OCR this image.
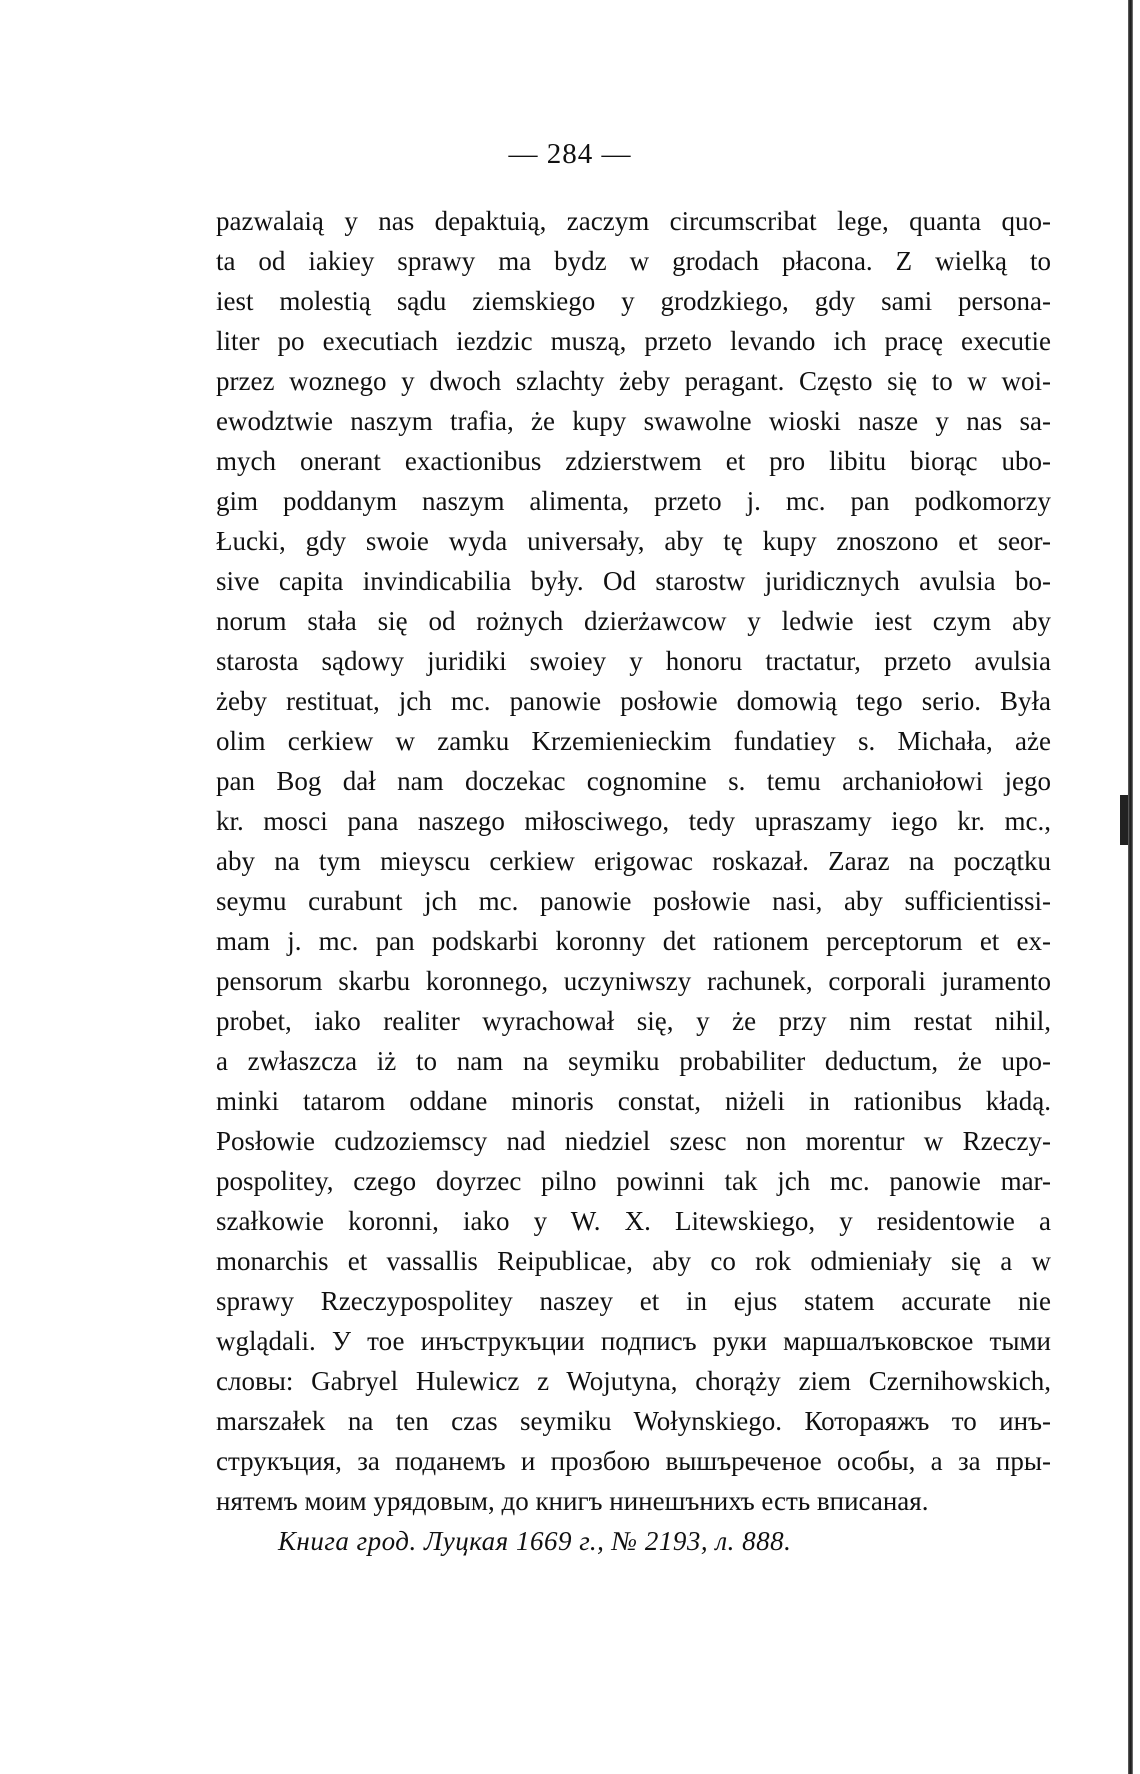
— 284 —
pazwalaią y nas depaktuią, zaczym circumscribat lege, quanta quo-
ta od iakiey sprawy ma bydz w grodach płacona. Z wielką to
iest molestią sądu ziemskiego y grodzkiego, gdy sami persona-
liter po executiach iezdzic muszą, przeto levando ich pracę executie
przez woznego y dwoch szlachty żeby peragant. Często się to w woi-
ewodztwie naszym trafia, że kupy swawolne wioski nasze y nas sa-
mych onerant exactionibus zdzierstwem et pro libitu biorąc ubo-
gim poddanym naszym alimenta, przeto j. mc. pan podkomorzy
Łucki, gdy swoie wyda universały, aby tę kupy znoszono et seor-
sive capita invindicabilia były. Od starostw juridicznych avulsia bo-
norum stała się od rożnych dzierżawcow y ledwie iest czym aby
starosta sądowy juridiki swoiey y honoru tractatur, przeto avulsia
żeby restituat, jch mc. panowie posłowie domowią tego serio. Była
olim cerkiew w zamku Krzemienieckim fundatiey s. Michała, aże
pan Bog dał nam doczekac cognomine s. temu archaniołowi jego
kr. mosci pana naszego miłosciwego, tedy upraszamy iego kr. mc.,
aby na tym mieyscu cerkiew erigowac roskazał. Zaraz na początku
seymu curabunt jch mc. panowie posłowie nasi, aby sufficientissi-
mam j. mc. pan podskarbi koronny det rationem perceptorum et ex-
pensorum skarbu koronnego, uczyniwszy rachunek, corporali juramento
probet, iako realiter wyrachował się, y że przy nim restat nihil,
a zwłaszcza iż to nam na seymiku probabiliter deductum, że upo-
minki tatarom oddane minoris constat, niżeli in rationibus kładą.
Posłowie cudzoziemscy nad niedziel szesc non morentur w Rzeczy-
pospolitey, czego doyrzec pilno powinni tak jch mc. panowie mar-
szałkowie koronni, iako y W. X. Litewskiego, y residentowie a
monarchis et vassallis Reipublicae, aby co rok odmieniały się a w
sprawy Rzeczypospolitey naszey et in ejus statem accurate nie
wglądali. У тое инъструкъции подписъ руки маршалъковское тыми
словы: Gabryel Hulewicz z Wojutyna, chorąży ziem Czernihowskich,
marszałek na ten czas seymiku Wołynskiego. Котораяжъ то инъ-
струкъция, за поданемъ и прозбою вышъреченое особы, а за пры-
нятемъ моим урядовым, до книгъ нинешънихъ есть вписаная.
Книга грод. Луцкая 1669 г., № 2193, л. 888.
